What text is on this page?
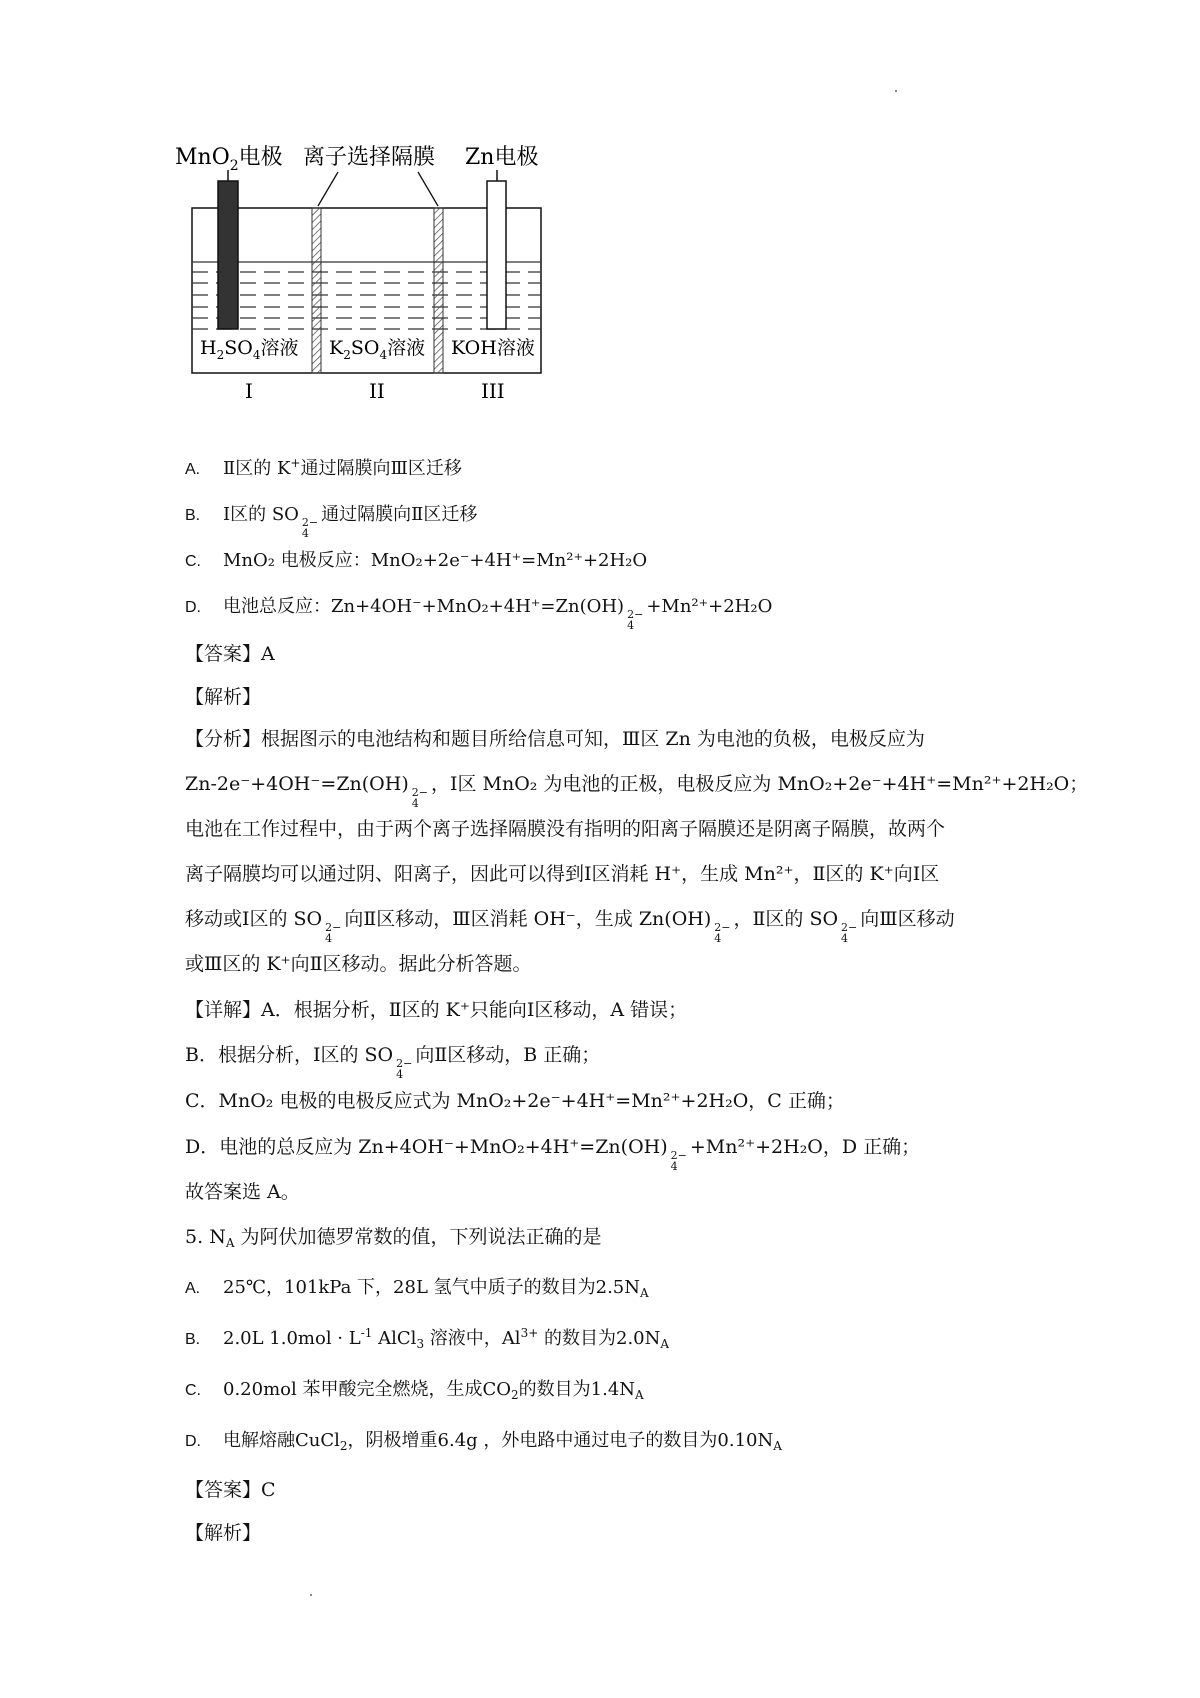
MnO$_2$电极 离子选择隔膜 Zn电极
$H_2SO_4$溶液 $K_2SO_4$溶液 KOH溶液
I	II	III
A. Ⅱ区的 K+通过隔膜向Ⅲ区迁移
B. Ⅰ区的 SO 2−
4
通过隔膜向Ⅱ区迁移
C. MnO₂ 电极反应：MnO₂+2e⁻+4H⁺=Mn²⁺+2H₂O
D. 电池总反应：Zn+4OH⁻+MnO₂+4H⁺=Zn(OH) 2−
4
+Mn²⁺+2H₂O
【答案】A
【解析】
【分析】根据图示的电池结构和题目所给信息可知，Ⅲ区 Zn 为电池的负极，电极反应为
Zn-2e⁻+4OH⁻=Zn(OH) 2−
4
，Ⅰ区 MnO₂ 为电池的正极，电极反应为 MnO₂+2e⁻+4H⁺=Mn²⁺+2H₂O；
电池在工作过程中，由于两个离子选择隔膜没有指明的阳离子隔膜还是阴离子隔膜，故两个
离子隔膜均可以通过阴、阳离子，因此可以得到Ⅰ区消耗 H⁺，生成 Mn²⁺，Ⅱ区的 K⁺向Ⅰ区
移动或Ⅰ区的 SO 2−
4
向Ⅱ区移动，Ⅲ区消耗 OH⁻，生成 Zn(OH) 2−
4
，Ⅱ区的 SO 2−
4
向Ⅲ区移动
或Ⅲ区的 K⁺向Ⅱ区移动。据此分析答题。
【详解】A．根据分析，Ⅱ区的 K⁺只能向Ⅰ区移动，A 错误；
B．根据分析，Ⅰ区的 SO 2−
4
向Ⅱ区移动，B 正确；
C．MnO₂ 电极的电极反应式为 MnO₂+2e⁻+4H⁺=Mn²⁺+2H₂O，C 正确；
D．电池的总反应为 Zn+4OH⁻+MnO₂+4H⁺=Zn(OH) 2−
4
+Mn²⁺+2H₂O，D 正确；
故答案选 A。
5. $N_A$ 为阿伏加德罗常数的值，下列说法正确的是
A. 25℃，101kPa 下，28L 氢气中质子的数目为$2.5N_A$
B. 2.0L $1.0mol \cdot L^{-1}$ AlCl$_3$ 溶液中，$Al^{3+}$ 的数目为$2.0N_A$
C. 0.20mol 苯甲酸完全燃烧，生成$CO_2$的数目为$1.4N_A$
D. 电解熔融CuCl$_2$，阴极增重6.4g ，外电路中通过电子的数目为$0.10N_A$
【答案】C
【解析】
